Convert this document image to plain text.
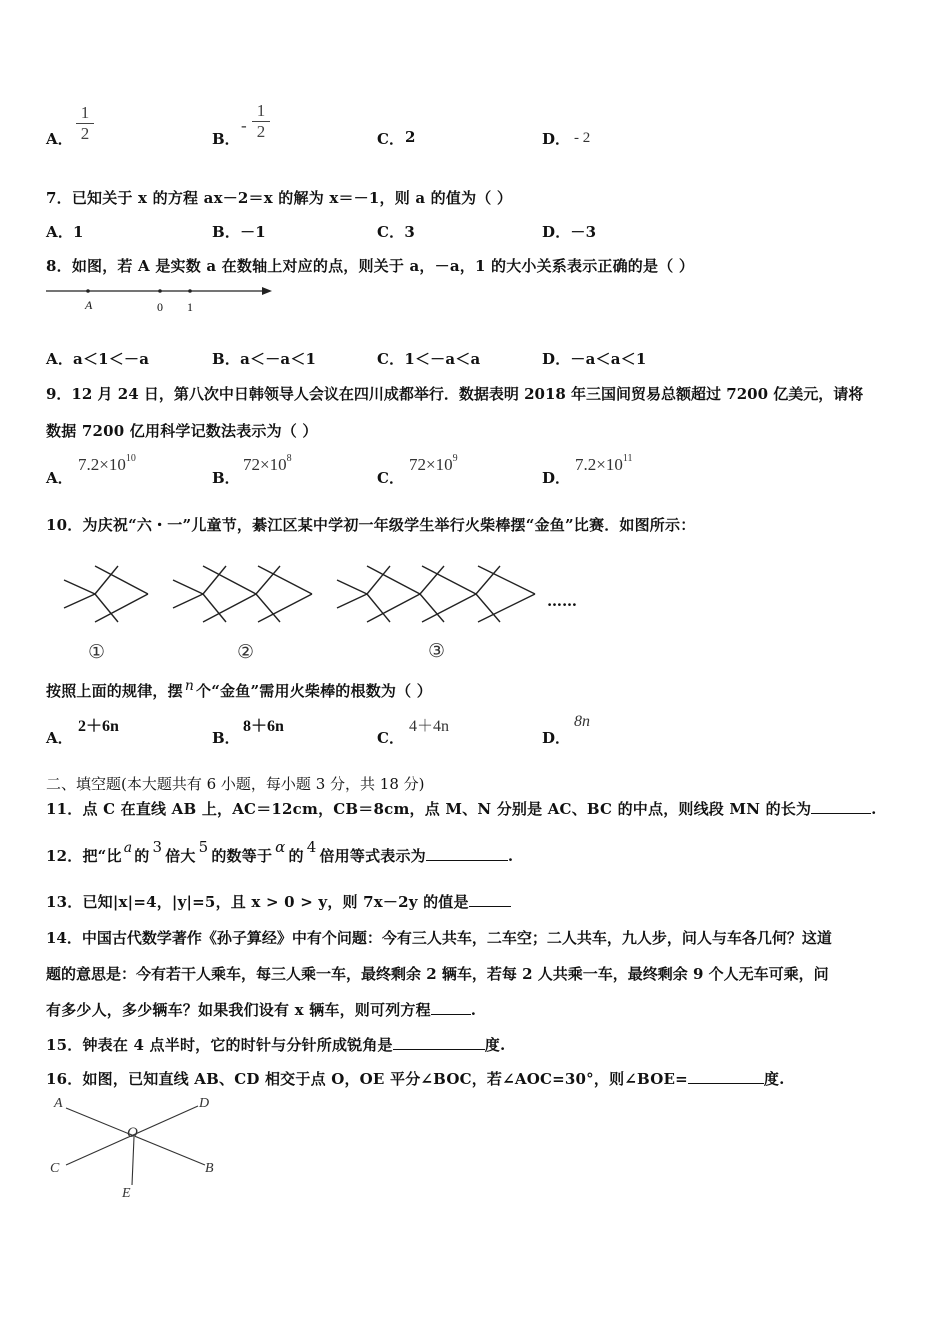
A．
1
2	B．
-
1
2	C． 2	D． - 2
7．已知关于 x 的方程 ax－2＝x 的解为 x＝－1，则 a 的值为（ ）
A．1	B．－1	C．3	D．－3
8．如图，若 A 是实数 a 在数轴上对应的点，则关于 a，－a，1 的大小关系表示正确的是（ ）
A	0 1
A．a＜1＜－a	B．a＜－a＜1	C．1＜－a＜a	D．－a＜a＜1
9．12 月 24 日，第八次中日韩领导人会议在四川成都举行．数据表明 2018 年三国间贸易总额超过 7200 亿美元，请将
数据 7200 亿用科学记数法表示为（ ）
A．
$7.2\times 10^{10}$
B．
$72\times 10^8$
C．
$72\times 10^9$
D．
$7.2\times 10^{11}$
10．为庆祝“六・一”儿童节，綦江区某中学初一年级学生举行火柴棒摆“金鱼”比赛．如图所示：
……
①	②	③
按照上面的规律，摆 n 个“金鱼”需用火柴棒的根数为（ ）
A．
2＋6n
B．
8＋6n
C．
4＋4n
D．
8n
二、填空题(本大题共有 6 小题，每小题 3 分，共 18 分)
11．点 C 在直线 AB 上，AC＝12cm，CB＝8cm，点 M、N 分别是 AC、BC 的中点，则线段 MN 的长为	.
12．把“比 a 的 3 倍大 5 的数等于 α 的 4 倍用等式表示为	.
13．已知|x|=4，|y|=5，且 x > 0 > y，则 7x－2y 的值是
14．中国古代数学著作《孙子算经》中有个问题：今有三人共车，二车空；二人共车，九人步，问人与车各几何？这道
题的意思是：今有若干人乘车，每三人乘一车，最终剩余 2 辆车，若每 2 人共乘一车，最终剩余 9 个人无车可乘，问
有多少人，多少辆车？如果我们设有 x 辆车，则可列方程	.
15．钟表在 4 点半时，它的时针与分针所成锐角是	度.
16．如图，已知直线 AB、CD 相交于点 O，OE 平分∠BOC，若∠AOC=30°，则∠BOE=	度.
A	D
O
C	B
E
